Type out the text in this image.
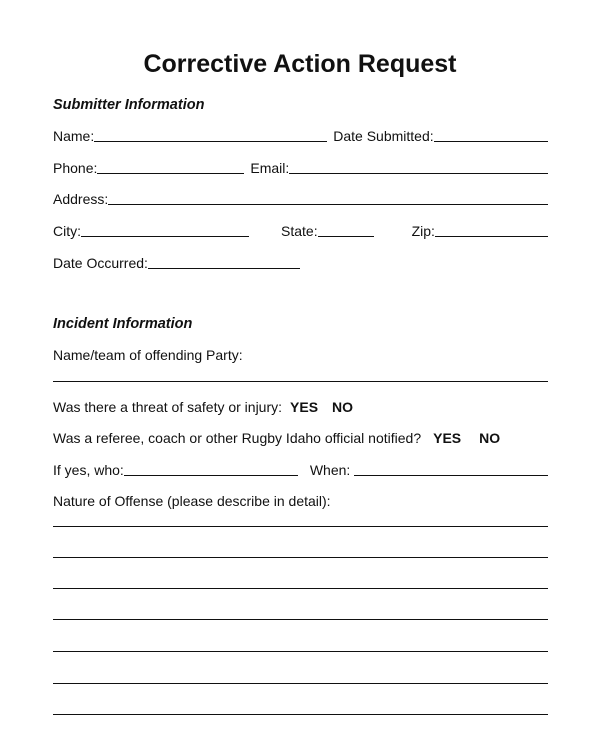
Corrective Action Request
Submitter Information
Name:	Date Submitted:
Phone:	Email:
Address:
City:	State:	Zip:
Date Occurred:
Incident Information
Name/team of offending Party:
Was there a threat of safety or injury: YES NO
Was a referee, coach or other Rugby Idaho official notified? YES NO
If yes, who:	When:
Nature of Offense (please describe in detail):
